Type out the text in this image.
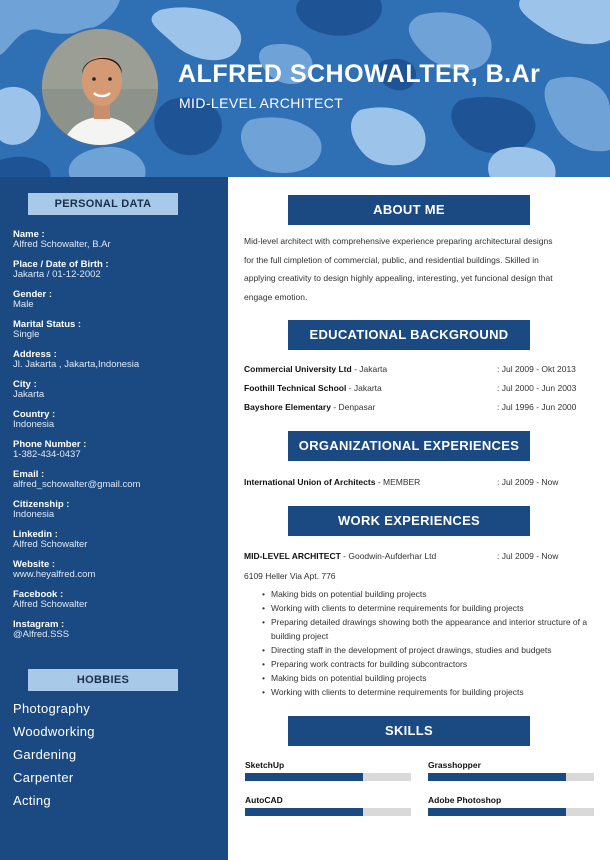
ALFRED SCHOWALTER, B.Ar
MID-LEVEL ARCHITECT
PERSONAL DATA
Name :
Alfred Schowalter, B.Ar
Place / Date of Birth :
Jakarta / 01-12-2002
Gender :
Male
Marital Status :
Single
Address :
Jl. Jakarta , Jakarta,Indonesia
City :
Jakarta
Country :
Indonesia
Phone Number :
1-382-434-0437
Email :
alfred_schowalter@gmail.com
Citizenship :
Indonesia
Linkedin :
Alfred Schowalter
Website :
www.heyalfred.com
Facebook :
Alfred Schowalter
Instagram :
@Alfred.SSS
HOBBIES
Photography
Woodworking
Gardening
Carpenter
Acting
ABOUT ME
Mid-level architect with comprehensive experience preparing architectural designs for the full cimpletion of commercial, public, and residential buildings. Skilled in applying creativity to design highly appealing, interesting, yet funcional design that engage emotion.
EDUCATIONAL BACKGROUND
Commercial University Ltd - Jakarta	: Jul 2009 - Okt 2013
Foothill Technical School - Jakarta	: Jul 2000 - Jun 2003
Bayshore Elementary - Denpasar	: Jul 1996 - Jun 2000
ORGANIZATIONAL EXPERIENCES
International Union of Architects - MEMBER	: Jul 2009 - Now
WORK EXPERIENCES
MID-LEVEL ARCHITECT - Goodwin-Aufderhar Ltd	: Jul 2009 - Now
6109 Heller Via Apt. 776
• Making bids on potential building projects
• Working with clients to determine requirements for building projects
• Preparing detailed drawings showing both the appearance and interior structure of a building project
• Directing staff in the development of project drawings, studies and budgets
• Preparing work contracts for building subcontractors
• Making bids on potential building projects
• Working with clients to determine requirements for building projects
SKILLS
SketchUp	Grasshopper
AutoCAD	Adobe Photoshop
